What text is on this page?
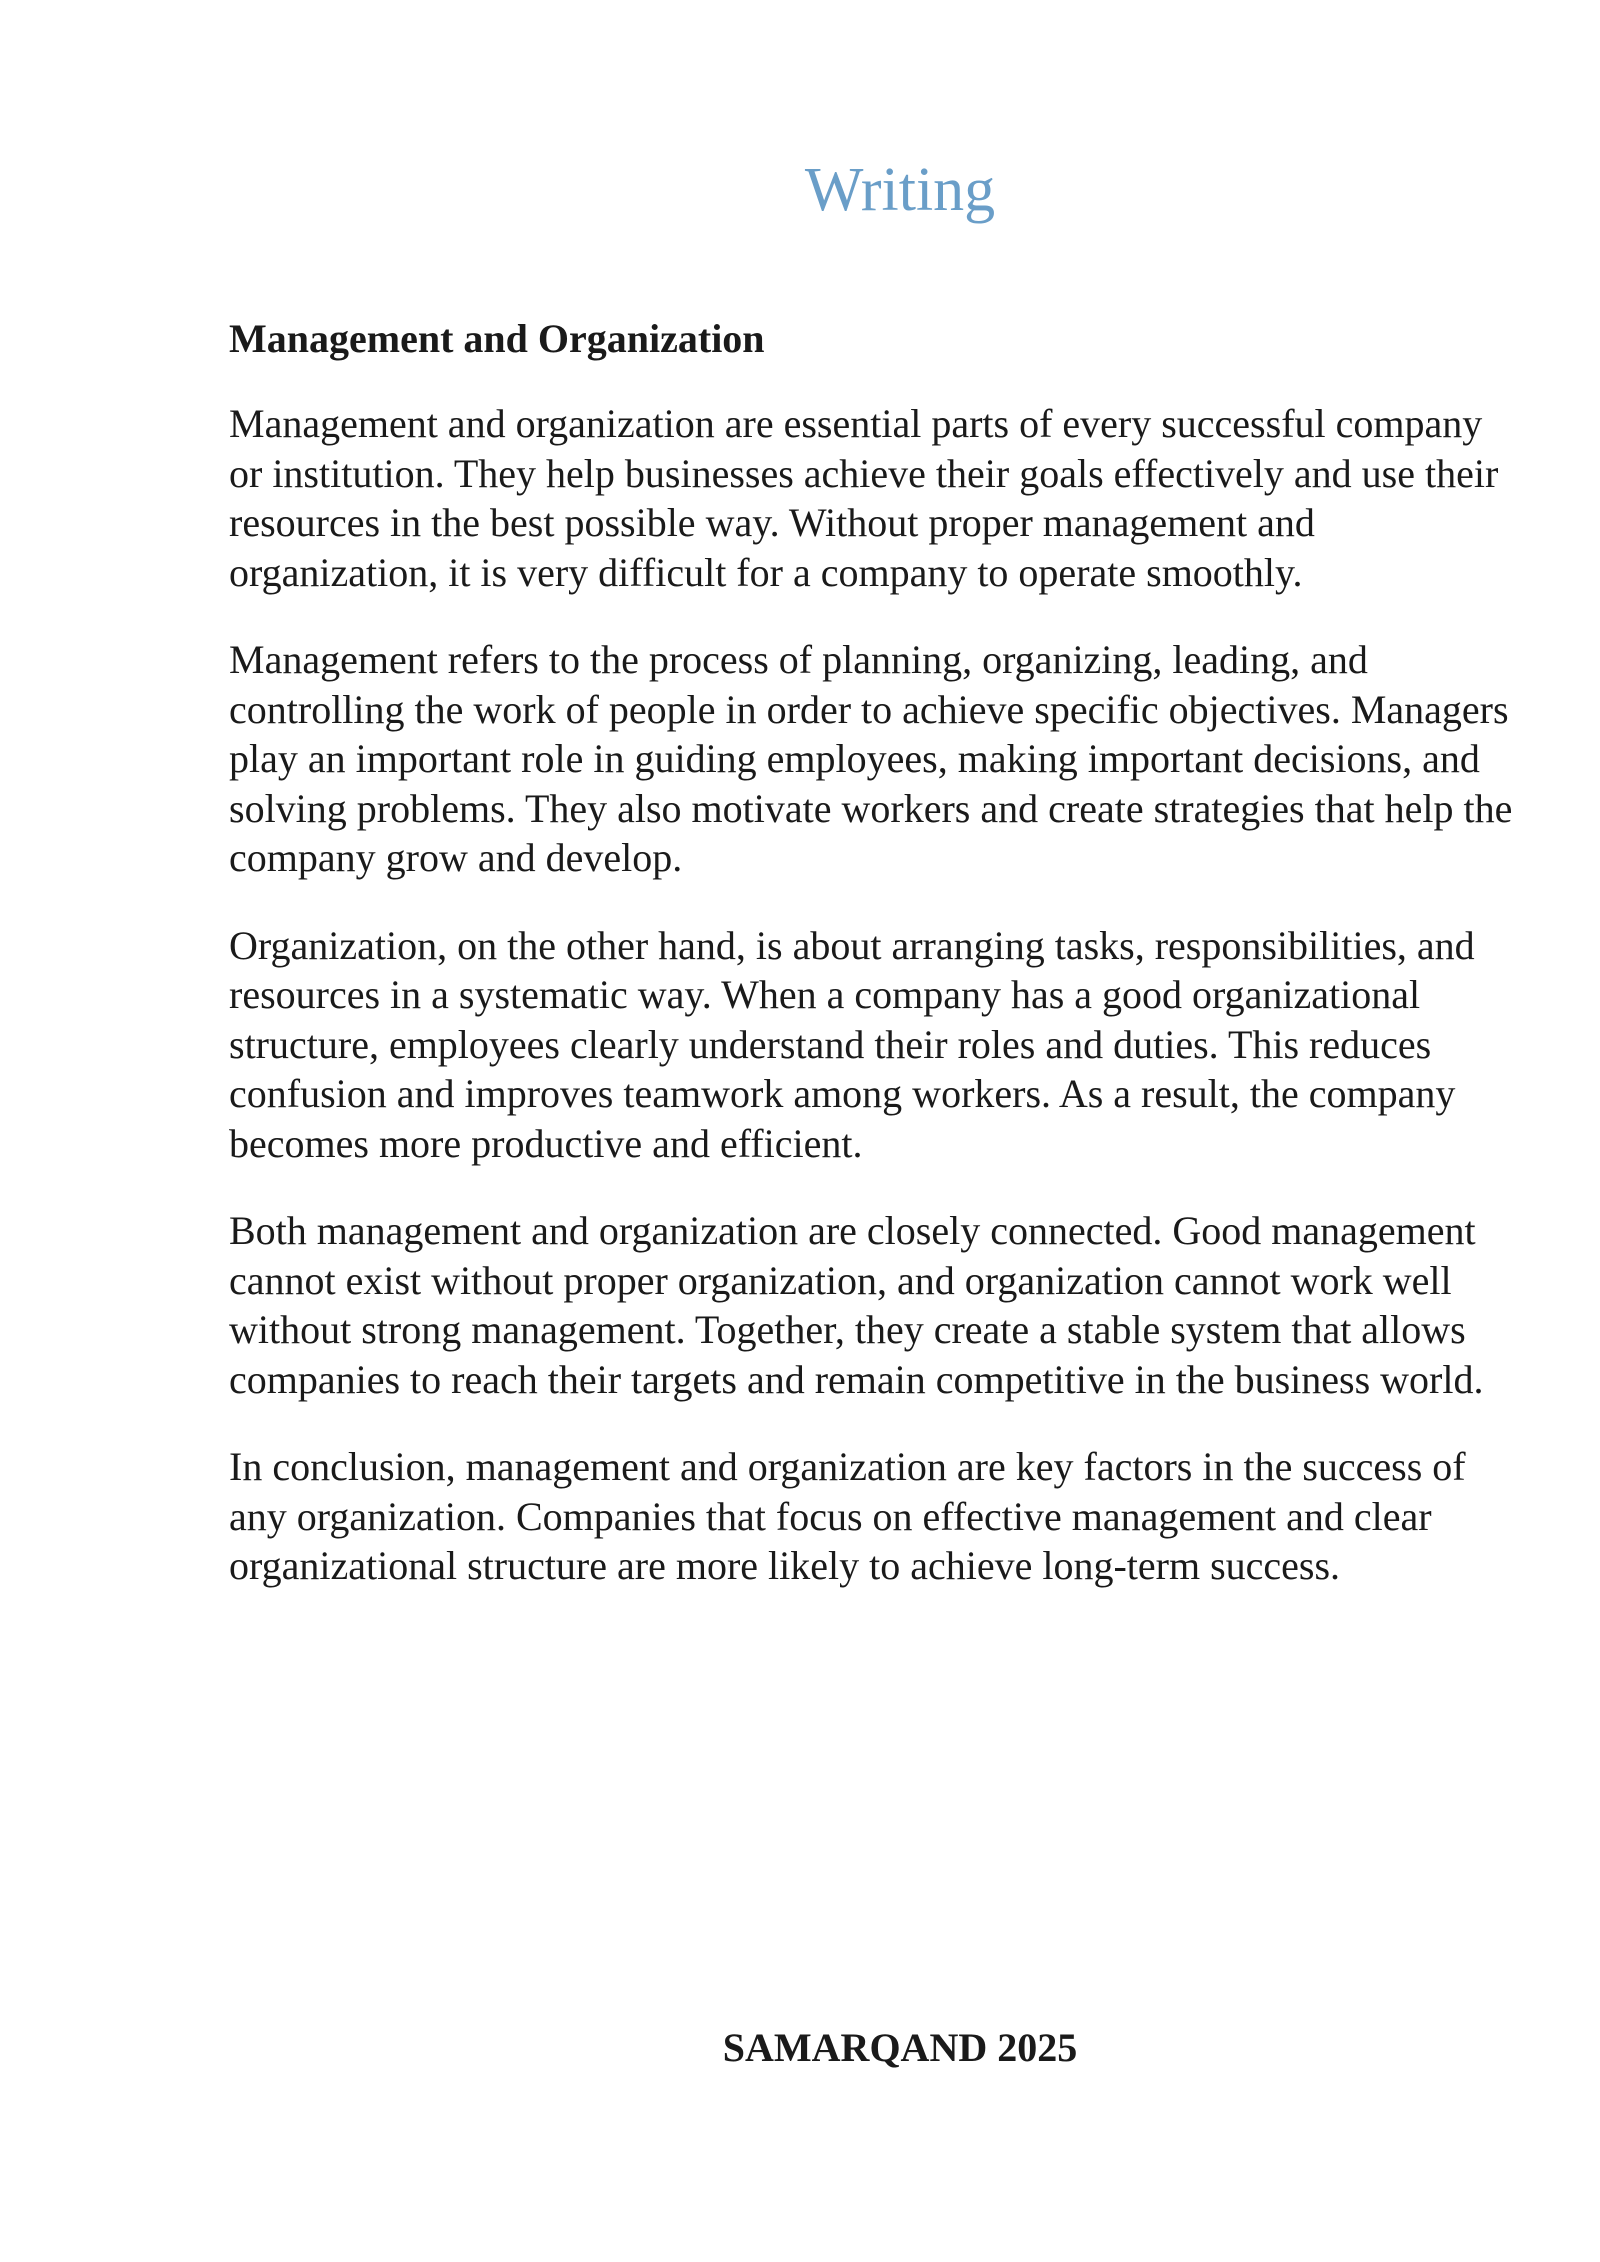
Writing
Management and Organization

Management and organization are essential parts of every successful company or institution. They help businesses achieve their goals effectively and use their resources in the best possible way. Without proper management and organization, it is very difficult for a company to operate smoothly.

Management refers to the process of planning, organizing, leading, and controlling the work of people in order to achieve specific objectives. Managers play an important role in guiding employees, making important decisions, and solving problems. They also motivate workers and create strategies that help the company grow and develop.

Organization, on the other hand, is about arranging tasks, responsibilities, and resources in a systematic way. When a company has a good organizational structure, employees clearly understand their roles and duties. This reduces confusion and improves teamwork among workers. As a result, the company becomes more productive and efficient.

Both management and organization are closely connected. Good management cannot exist without proper organization, and organization cannot work well without strong management. Together, they create a stable system that allows companies to reach their targets and remain competitive in the business world.

In conclusion, management and organization are key factors in the success of any organization. Companies that focus on effective management and clear organizational structure are more likely to achieve long-term success.

SAMARQAND 2025
